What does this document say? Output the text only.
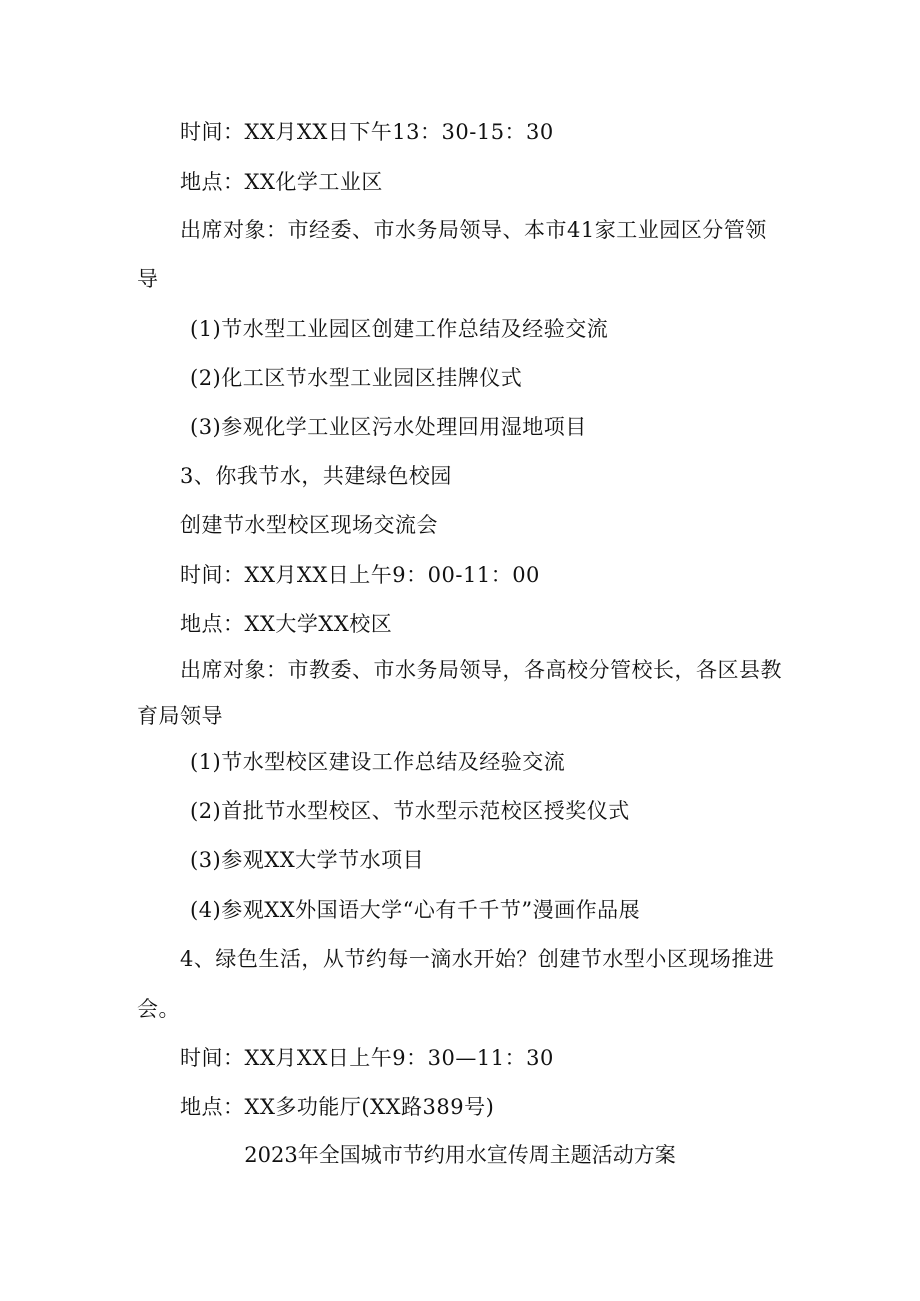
时间：XX月XX日下午13：30-15：30
地点：XX化学工业区
出席对象：市经委、市水务局领导、本市41家工业园区分管领
导
(1)节水型工业园区创建工作总结及经验交流
(2)化工区节水型工业园区挂牌仪式
(3)参观化学工业区污水处理回用湿地项目
3、你我节水，共建绿色校园
创建节水型校区现场交流会
时间：XX月XX日上午9：00-11：00
地点：XX大学XX校区
出席对象：市教委、市水务局领导，各高校分管校长，各区县教
育局领导
(1)节水型校区建设工作总结及经验交流
(2)首批节水型校区、节水型示范校区授奖仪式
(3)参观XX大学节水项目
(4)参观XX外国语大学“心有千千节”漫画作品展
4、绿色生活，从节约每一滴水开始？创建节水型小区现场推进
会。
时间：XX月XX日上午9：30—11：30
地点：XX多功能厅(XX路389号)
2023年全国城市节约用水宣传周主题活动方案
